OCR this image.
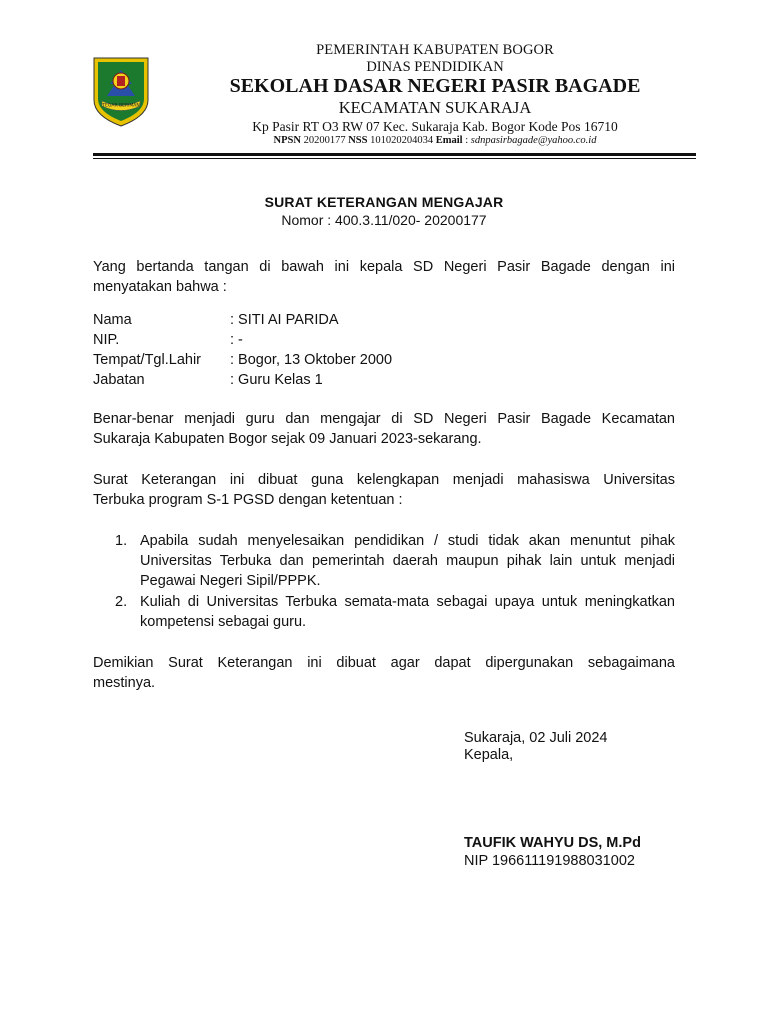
TEGAR BERIMAN
PEMERINTAH KABUPATEN BOGOR
DINAS PENDIDIKAN
SEKOLAH DASAR NEGERI PASIR BAGADE
KECAMATAN SUKARAJA
Kp Pasir RT O3 RW 07 Kec. Sukaraja Kab. Bogor Kode Pos 16710
NPSN 20200177 NSS 101020204034 Email : sdnpasirbagade@yahoo.co.id
SURAT KETERANGAN MENGAJAR
Nomor : 400.3.11/020- 20200177
Yang bertanda tangan di bawah ini kepala SD Negeri Pasir Bagade dengan ini
menyatakan bahwa :
Nama	: SITI AI PARIDA
NIP.	: -
Tempat/Tgl.Lahir : Bogor, 13 Oktober 2000
Jabatan	: Guru Kelas 1
Benar-benar menjadi guru dan mengajar di SD Negeri Pasir Bagade Kecamatan
Sukaraja Kabupaten Bogor sejak 09 Januari 2023-sekarang.
Surat Keterangan ini dibuat guna kelengkapan menjadi mahasiswa Universitas
Terbuka program S-1 PGSD dengan ketentuan :
1. Apabila sudah menyelesaikan pendidikan / studi tidak akan menuntut pihak
Universitas Terbuka dan pemerintah daerah maupun pihak lain untuk menjadi
Pegawai Negeri Sipil/PPPK.
2. Kuliah di Universitas Terbuka semata-mata sebagai upaya untuk meningkatkan
kompetensi sebagai guru.
Demikian Surat Keterangan ini dibuat agar dapat dipergunakan sebagaimana
mestinya.
Sukaraja, 02 Juli 2024
Kepala,
TAUFIK WAHYU DS, M.Pd
NIP 196611191988031002
